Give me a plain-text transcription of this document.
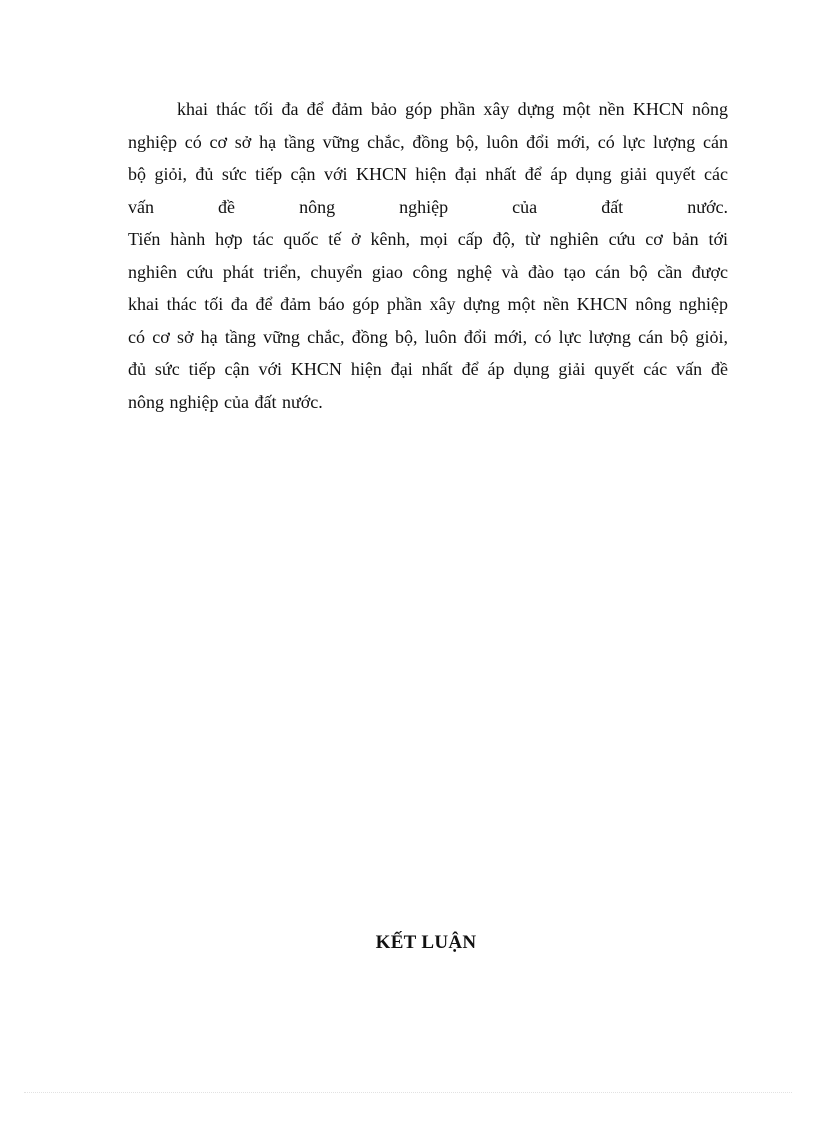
khai thác tối đa để đảm bảo góp phần xây dựng một nền KHCN nông
nghiệp có cơ sở hạ tầng vững chắc, đồng bộ, luôn đổi mới, có lực lượng cán
bộ giỏi, đủ sức tiếp cận với KHCN hiện đại nhất để áp dụng giải quyết các
vấn đề nông nghiệp của đất nước.
Tiến hành hợp tác quốc tế ở kênh, mọi cấp độ, từ nghiên cứu cơ bản tới
nghiên cứu phát triển, chuyển giao công nghệ và đào tạo cán bộ cần được
khai thác tối đa để đảm báo góp phần xây dựng một nền KHCN nông nghiệp
có cơ sở hạ tầng vững chắc, đồng bộ, luôn đổi mới, có lực lượng cán bộ giỏi,
đủ sức tiếp cận với KHCN hiện đại nhất để áp dụng giải quyết các vấn đề
nông nghiệp của đất nước.
KẾT LUẬN
